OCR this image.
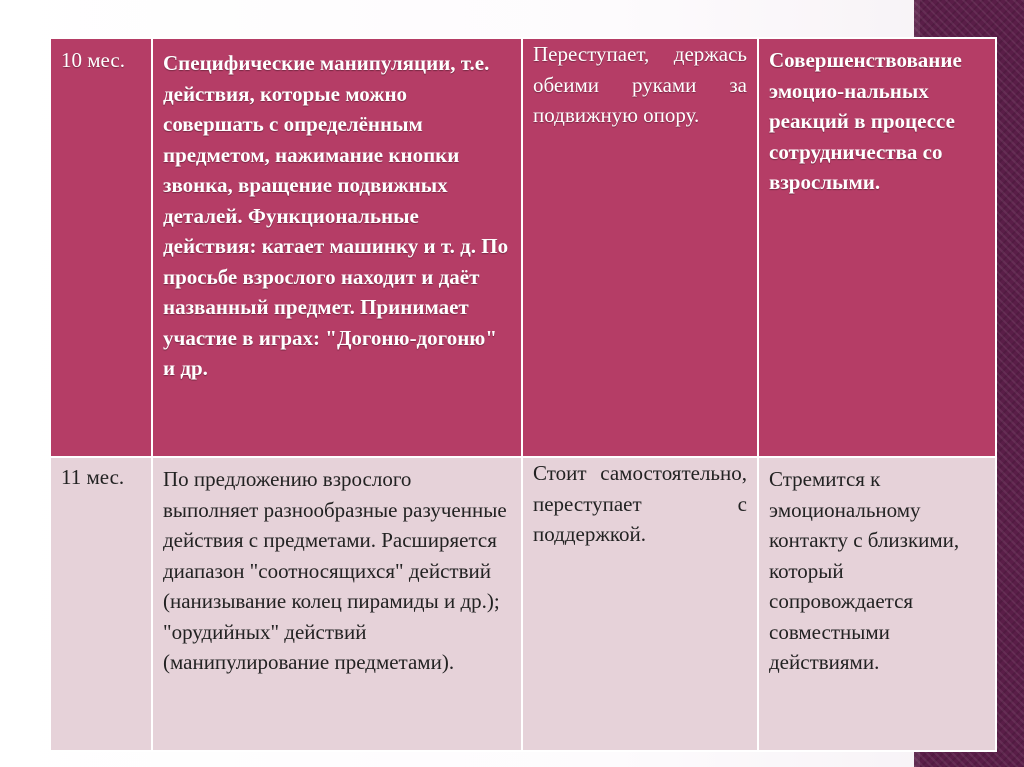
10 мес.	Специфические манипуляции, т.е. действия, которые можно совершать с определённым предметом, нажимание кнопки звонка, вращение подвижных деталей. Функциональные действия: катает машинку и т. д. По просьбе взрослого находит и даёт названный предмет. Принимает участие в играх: "Догоню-догоню" и др.	Переступает, держась обеими руками за подвижную опору.	Совершенствование эмоцио-нальных реакций в процессе сотрудничества со взрослыми.

11 мес.	По предложению взрослого выполняет разнообразные разученные действия с предметами. Расширяется диапазон "соотносящихся" действий (нанизывание колец пирамиды и др.); "орудийных" действий (манипулирование предметами).	Стоит самостоятельно, переступает с поддержкой.	Стремится к эмоциональному контакту с близкими, который сопровождается совместными действиями.
